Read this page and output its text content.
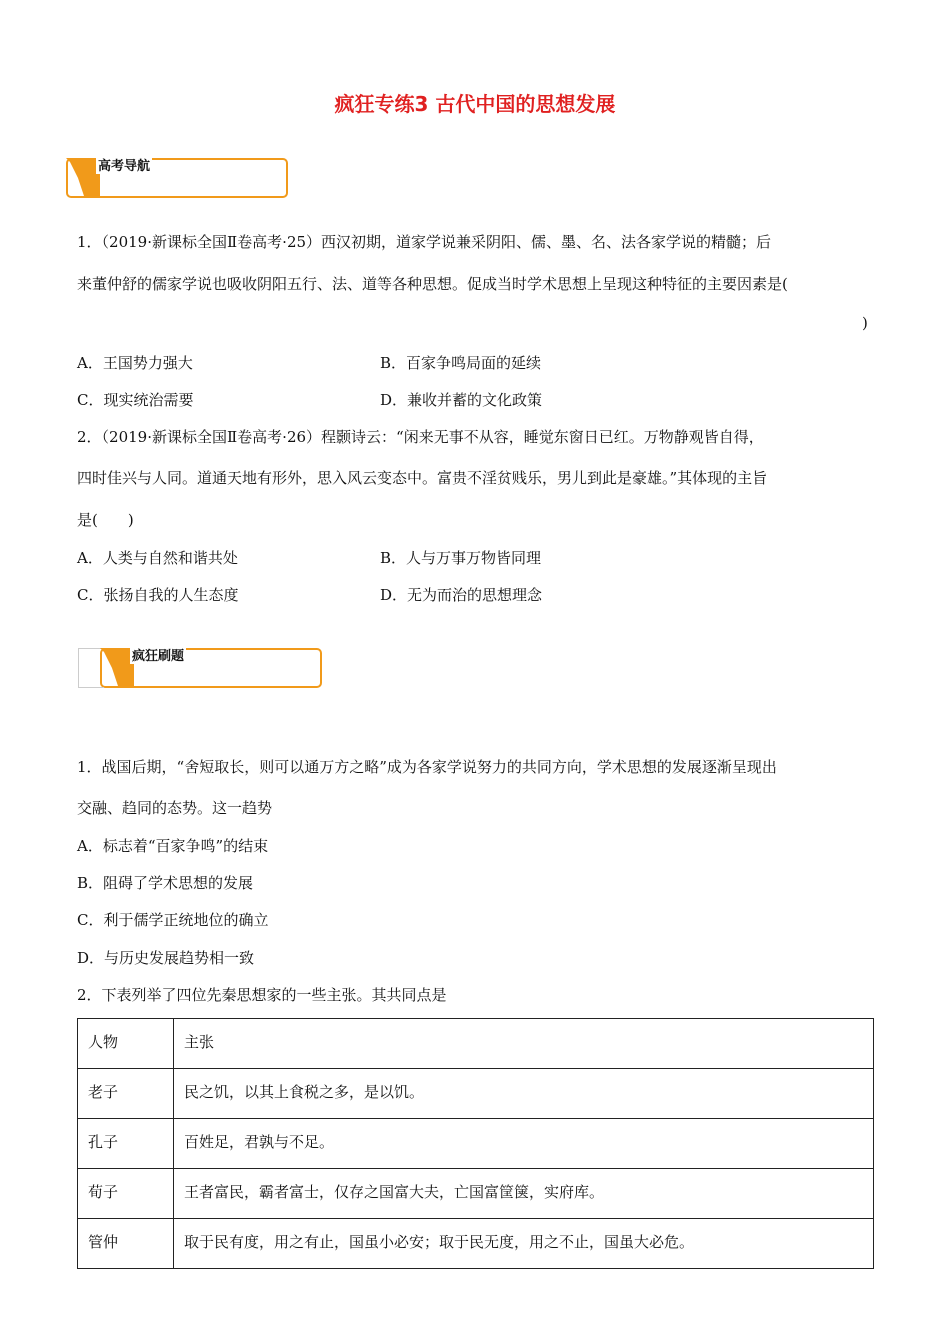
疯狂专练3 古代中国的思想发展
高考导航

1．（2019·新课标全国Ⅱ卷高考·25）西汉初期，道家学说兼采阴阳、儒、墨、名、法各家学说的精髓；后

来董仲舒的儒家学说也吸收阴阳五行、法、道等各种思想。促成当时学术思想上呈现这种特征的主要因素是(

)
A．王国势力强大	B．百家争鸣局面的延续
C．现实统治需要	D．兼收并蓄的文化政策

2．（2019·新课标全国Ⅱ卷高考·26）程颢诗云：“闲来无事不从容，睡觉东窗日已红。万物静观皆自得，

四时佳兴与人同。道通天地有形外，思入风云变态中。富贵不淫贫贱乐，男儿到此是豪雄。”其体现的主旨

是(　　)

A．人类与自然和谐共处	B．人与万事万物皆同理
C．张扬自我的人生态度	D．无为而治的思想理念
疯狂刷题

1．战国后期，“舍短取长，则可以通万方之略”成为各家学说努力的共同方向，学术思想的发展逐渐呈现出

交融、趋同的态势。这一趋势

A．标志着“百家争鸣”的结束
B．阻碍了学术思想的发展
C．利于儒学正统地位的确立
D．与历史发展趋势相一致
2．下表列举了四位先秦思想家的一些主张。其共同点是
人物	主张
老子	民之饥，以其上食税之多，是以饥。
孔子	百姓足，君孰与不足。
荀子	王者富民，霸者富士，仅存之国富大夫，亡国富筐箧，实府库。
管仲	取于民有度，用之有止，国虽小必安；取于民无度，用之不止，国虽大必危。
